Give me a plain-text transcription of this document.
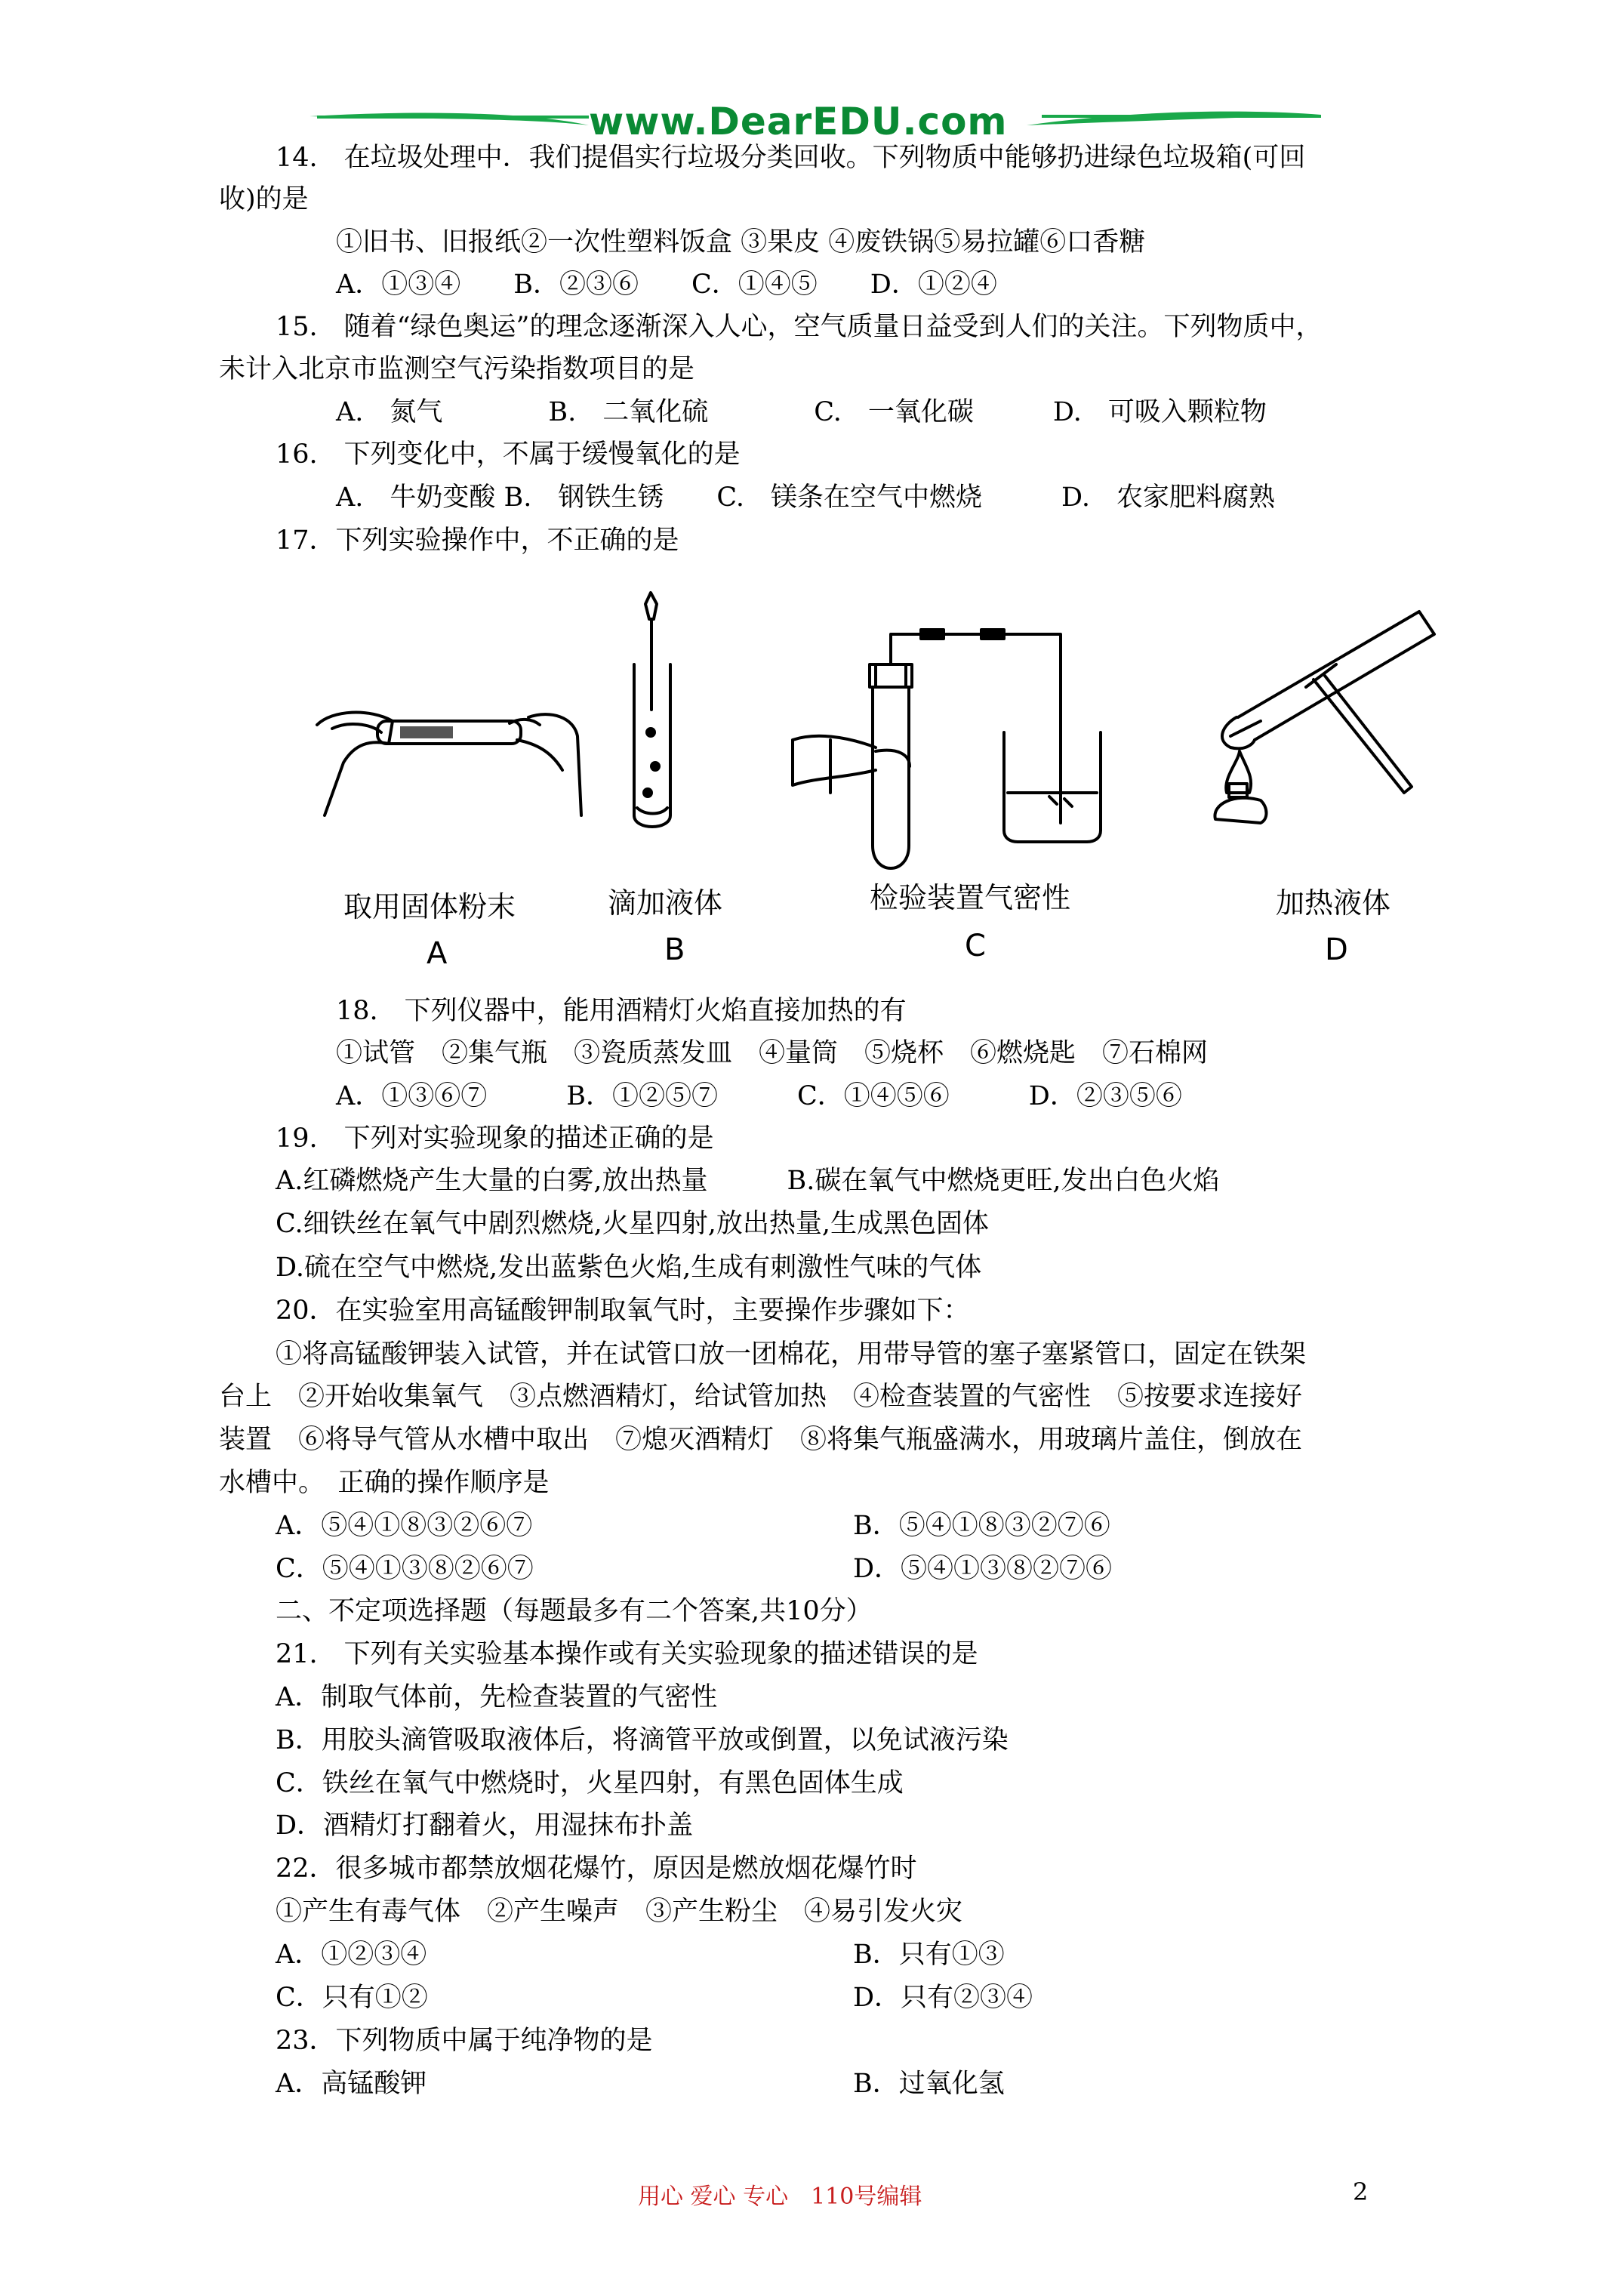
www.DearEDU.com
14.　在垃圾处理中．我们提倡实行垃圾分类回收。下列物质中能够扔进绿色垃圾箱(可回
收)的是
①旧书、旧报纸②一次性塑料饭盒 ③果皮 ④废铁锅⑤易拉罐⑥口香糖
A．①③④　　B．②③⑥　　C．①④⑤　　D．①②④
15.　随着“绿色奥运”的理念逐渐深入人心，空气质量日益受到人们的关注。下列物质中，
未计入北京市监测空气污染指数项目的是
A.　氮气　　　　B.　二氧化硫　　　　C.　一氧化碳　　　D.　可吸入颗粒物
16.　下列变化中，不属于缓慢氧化的是
A.　牛奶变酸 B.　钢铁生锈　　C.　镁条在空气中燃烧　　　D.　农家肥料腐熟
17．下列实验操作中，不正确的是
取用固体粉末	滴加液体	检验装置气密性	加热液体
A	B	C	D
18.　下列仪器中，能用酒精灯火焰直接加热的有
①试管　②集气瓶　③瓷质蒸发皿　④量筒　⑤烧杯　⑥燃烧匙　⑦石棉网
A．①③⑥⑦　　　B．①②⑤⑦　　　C．①④⑤⑥　　　D．②③⑤⑥
19.　下列对实验现象的描述正确的是
A.红磷燃烧产生大量的白雾,放出热量　　　B.碳在氧气中燃烧更旺,发出白色火焰
C.细铁丝在氧气中剧烈燃烧,火星四射,放出热量,生成黑色固体
D.硫在空气中燃烧,发出蓝紫色火焰,生成有刺激性气味的气体
20．在实验室用高锰酸钾制取氧气时，主要操作步骤如下：
①将高锰酸钾装入试管，并在试管口放一团棉花，用带导管的塞子塞紧管口，固定在铁架
台上　②开始收集氧气　③点燃酒精灯，给试管加热　④检查装置的气密性　⑤按要求连接好
装置　⑥将导气管从水槽中取出　⑦熄灭酒精灯　⑧将集气瓶盛满水，用玻璃片盖住，倒放在
水槽中。　正确的操作顺序是
A．⑤④①⑧③②⑥⑦	B．⑤④①⑧③②⑦⑥
C．⑤④①③⑧②⑥⑦	D．⑤④①③⑧②⑦⑥
二、不定项选择题（每题最多有二个答案,共10分）
21.　下列有关实验基本操作或有关实验现象的描述错误的是
A．制取气体前，先检查装置的气密性
B．用胶头滴管吸取液体后，将滴管平放或倒置，以免试液污染
C．铁丝在氧气中燃烧时，火星四射，有黑色固体生成
D．酒精灯打翻着火，用湿抹布扑盖
22．很多城市都禁放烟花爆竹，原因是燃放烟花爆竹时
①产生有毒气体　②产生噪声　③产生粉尘　④易引发火灾
A．①②③④	B．只有①③
C．只有①②	D．只有②③④
23．下列物质中属于纯净物的是
A．高锰酸钾	B．过氧化氢
用心 爱心 专心　110号编辑	2
